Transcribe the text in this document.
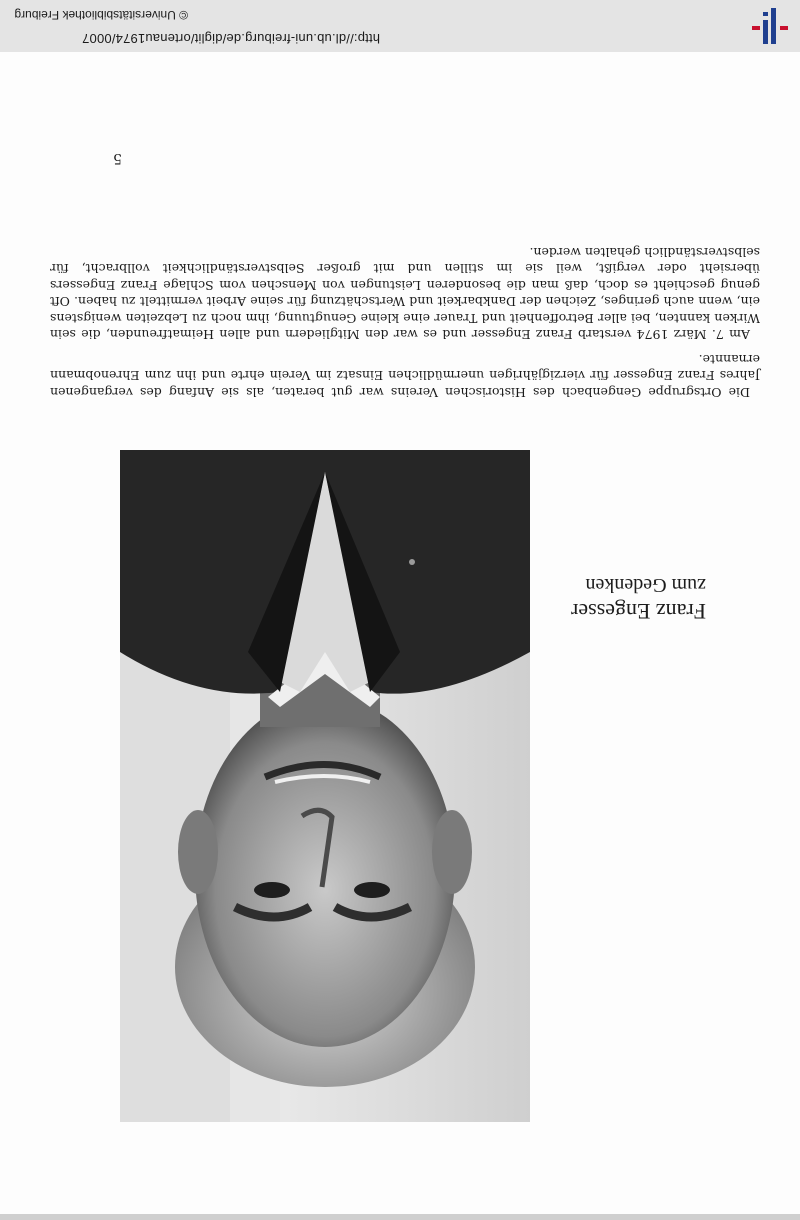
Franz Engesser
zum Gedenken

Die Ortsgruppe Gengenbach des Historischen Vereins war gut beraten, als sie Anfang des vergangenen Jahres Franz Engesser für vierzigjährigen unermüdlichen Einsatz im Verein ehrte und ihn zum Ehrenobmann ernannte.

Am 7. März 1974 verstarb Franz Engesser und es war den Mitgliedern und allen Heimatfreunden, die sein Wirken kannten, bei aller Betroffenheit und Trauer eine kleine Genugtuung, ihm noch zu Lebzeiten wenigstens ein, wenn auch geringes, Zeichen der Dankbarkeit und Wertschätzung für seine Arbeit vermittelt zu haben. Oft genug geschieht es doch, daß man die besonderen Leistungen von Menschen vom Schlage Franz Engessers übersieht oder vergißt, weil sie im stillen und mit großer Selbstverständlichkeit vollbracht, für selbstverständlich gehalten werden.

5
http://dl.ub.uni-freiburg.de/diglit/ortenau1974/0007
© Universitätsbibliothek Freiburg
